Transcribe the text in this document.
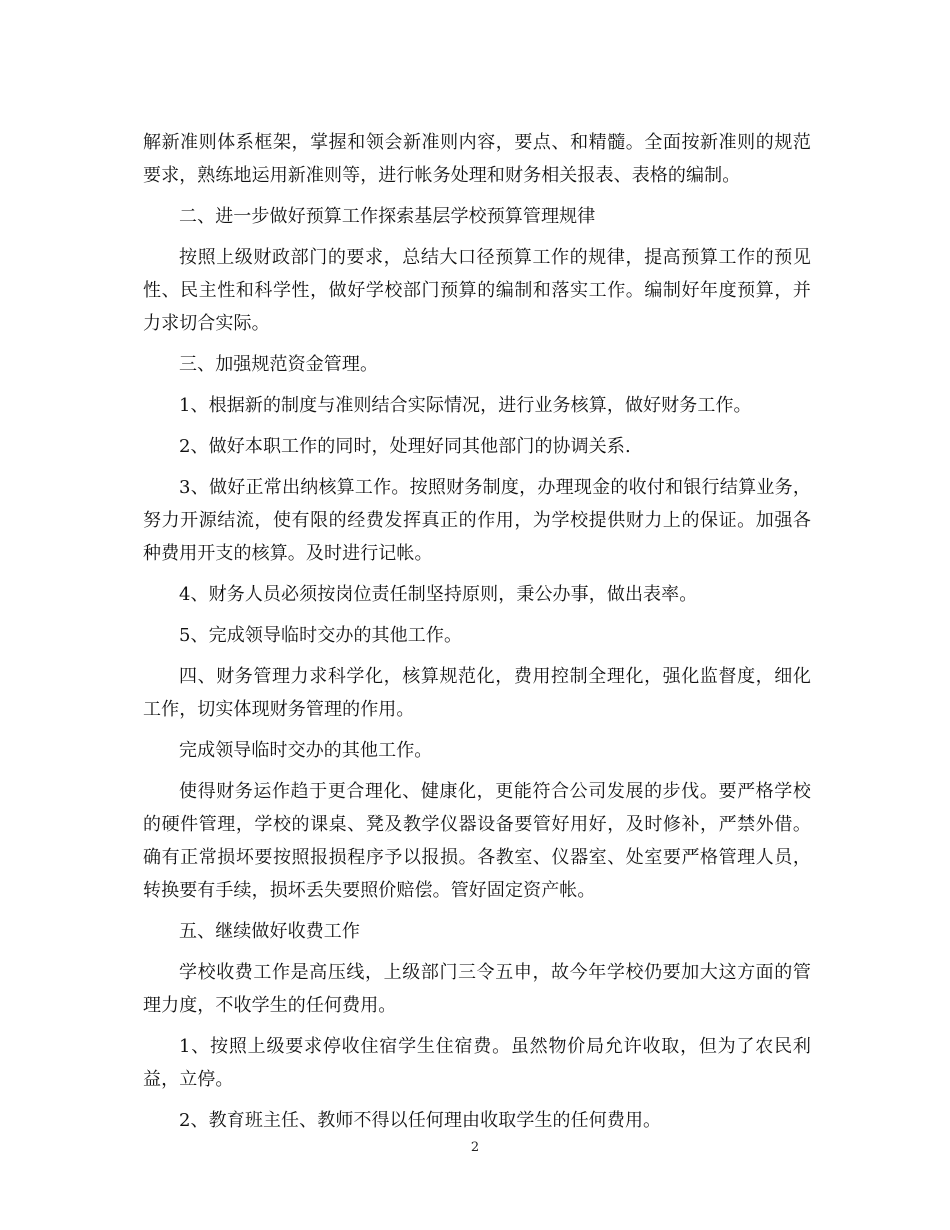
解新准则体系框架，掌握和领会新准则内容，要点、和精髓。全面按新准则的规范要求，熟练地运用新准则等，进行帐务处理和财务相关报表、表格的编制。

二、进一步做好预算工作探索基层学校预算管理规律

按照上级财政部门的要求，总结大口径预算工作的规律，提高预算工作的预见性、民主性和科学性，做好学校部门预算的编制和落实工作。编制好年度预算，并力求切合实际。

三、加强规范资金管理。

1、根据新的制度与准则结合实际情况，进行业务核算，做好财务工作。

2、做好本职工作的同时，处理好同其他部门的协调关系.

3、做好正常出纳核算工作。按照财务制度，办理现金的收付和银行结算业务，努力开源结流，使有限的经费发挥真正的作用，为学校提供财力上的保证。加强各种费用开支的核算。及时进行记帐。

4、财务人员必须按岗位责任制坚持原则，秉公办事，做出表率。

5、完成领导临时交办的其他工作。

四、财务管理力求科学化，核算规范化，费用控制全理化，强化监督度，细化工作，切实体现财务管理的作用。

完成领导临时交办的其他工作。

使得财务运作趋于更合理化、健康化，更能符合公司发展的步伐。要严格学校的硬件管理，学校的课桌、凳及教学仪器设备要管好用好，及时修补，严禁外借。确有正常损坏要按照报损程序予以报损。各教室、仪器室、处室要严格管理人员，转换要有手续，损坏丢失要照价赔偿。管好固定资产帐。

五、继续做好收费工作

学校收费工作是高压线，上级部门三令五申，故今年学校仍要加大这方面的管理力度，不收学生的任何费用。

1、按照上级要求停收住宿学生住宿费。虽然物价局允许收取，但为了农民利益，立停。

2、教育班主任、教师不得以任何理由收取学生的任何费用。

2
